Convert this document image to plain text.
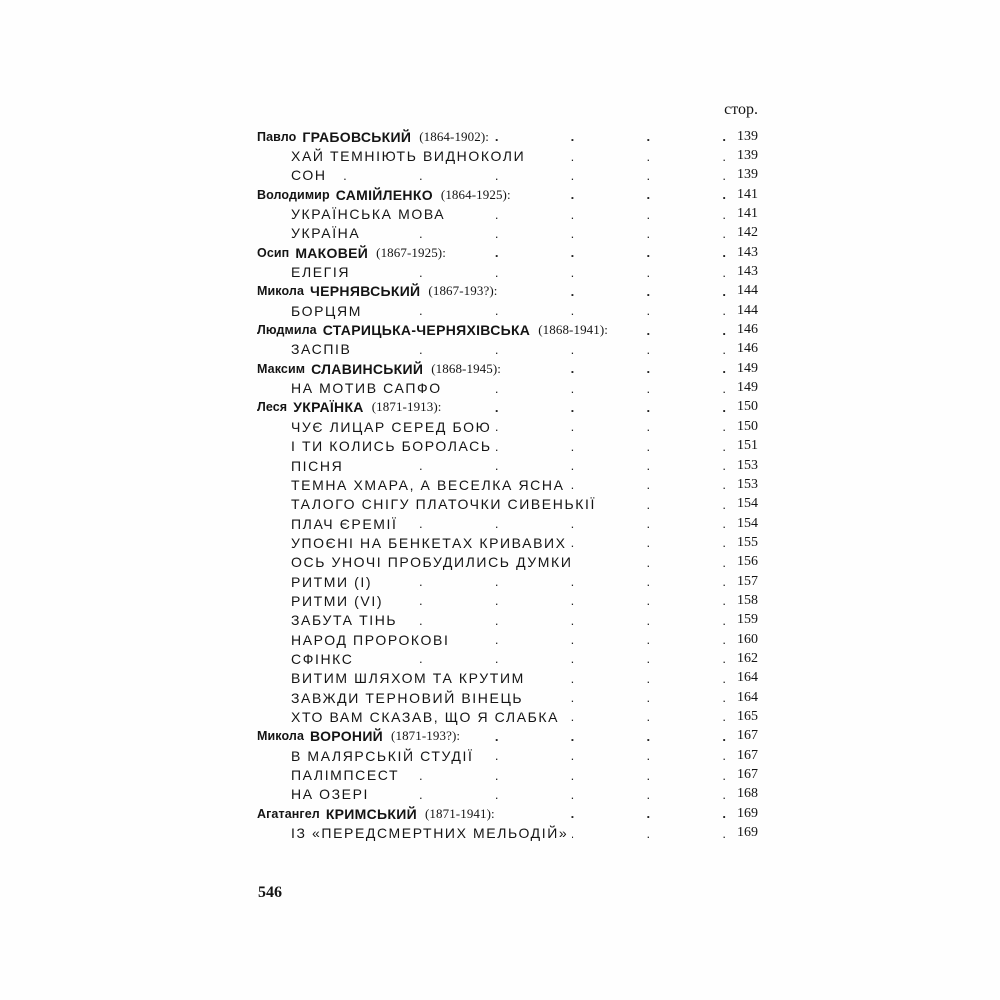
стор.
Павло ГРАБОВСЬКИЙ (1864-1902): .	139
ХАЙ ТЕМНІЮТЬ ВИДНОКОЛИ .	139
СОН .	139
Володимир САМІЙЛЕНКО (1864-1925): .	141
УКРАЇНСЬКА МОВА .	141
УКРАЇНА .	142
Осип МАКОВЕЙ (1867-1925): .	143
ЕЛЕГІЯ .	143
Микола ЧЕРНЯВСЬКИЙ (1867-193?): .	144
БОРЦЯМ .	144
Людмила СТАРИЦЬКА-ЧЕРНЯХІВСЬКА (1868-1941): .	146
ЗАСПІВ .	146
Максим СЛАВИНСЬКИЙ (1868-1945): .	149
НА МОТИВ САПФО .	149
Леся УКРАЇНКА (1871-1913): .	150
ЧУЄ ЛИЦАР СЕРЕД БОЮ .	150
І ТИ КОЛИСЬ БОРОЛАСЬ .	151
ПІСНЯ .	153
ТЕМНА ХМАРА, А ВЕСЕЛКА ЯСНА .	153
ТАЛОГО СНІГУ ПЛАТОЧКИ СИВЕНЬКІЇ .	154
ПЛАЧ ЄРЕМІЇ .	154
УПОЄНІ НА БЕНКЕТАХ КРИВАВИХ .	155
ОСЬ УНОЧІ ПРОБУДИЛИСЬ ДУМКИ .	156
РИТМИ (І) .	157
РИТМИ (VI) .	158
ЗАБУТА ТІНЬ .	159
НАРОД ПРОРОКОВІ .	160
СФІНКС .	162
ВИТИМ ШЛЯХОМ ТА КРУТИМ .	164
ЗАВЖДИ ТЕРНОВИЙ ВІНЕЦЬ .	164
ХТО ВАМ СКАЗАВ, ЩО Я СЛАБКА .	165
Микола ВОРОНИЙ (1871-193?): .	167
В МАЛЯРСЬКІЙ СТУДІЇ .	167
ПАЛІМПСЕСТ .	167
НА ОЗЕРІ .	168
Агатангел КРИМСЬКИЙ (1871-1941): .	169
ІЗ «ПЕРЕДСМЕРТНИХ МЕЛЬОДІЙ» .	169
546
